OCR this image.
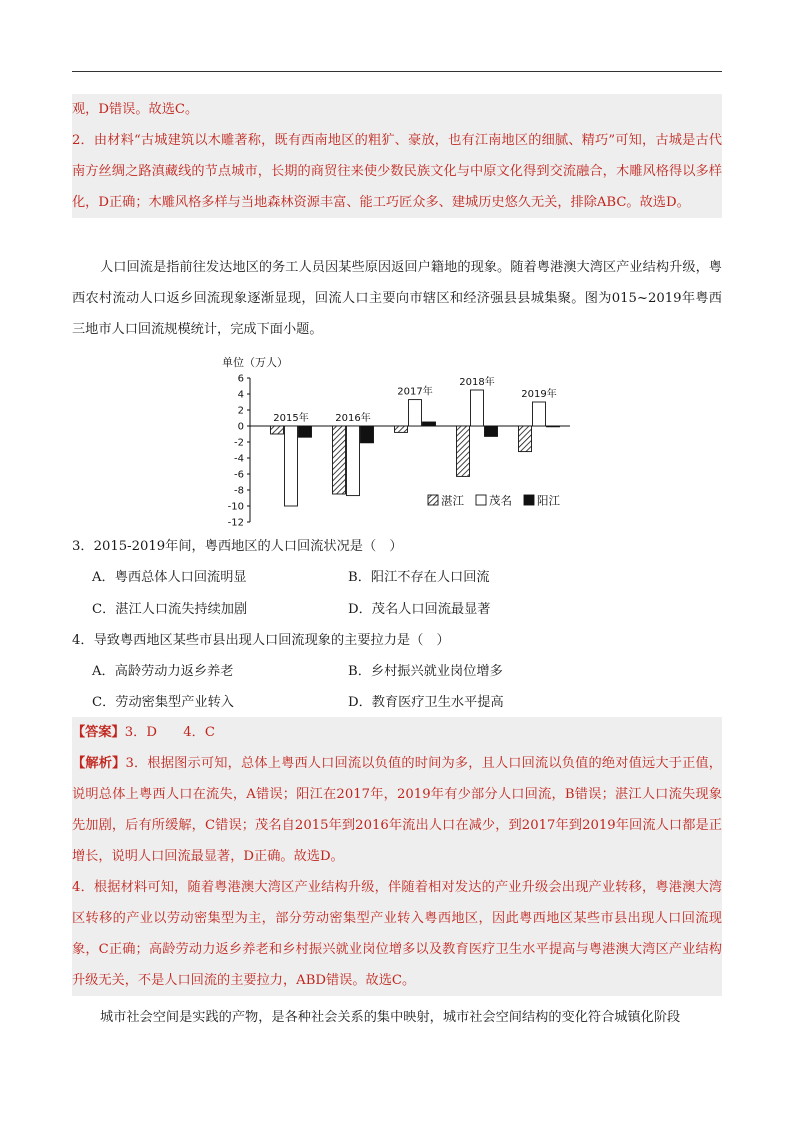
观，D错误。故选C。

2．由材料“古城建筑以木雕著称，既有西南地区的粗犷、豪放，也有江南地区的细腻、精巧”可知，古城是古代南方丝绸之路滇藏线的节点城市，长期的商贸往来使少数民族文化与中原文化得到交流融合，木雕风格得以多样化，D正确；木雕风格多样与当地森林资源丰富、能工巧匠众多、建城历史悠久无关，排除ABC。故选D。

人口回流是指前往发达地区的务工人员因某些原因返回户籍地的现象。随着粤港澳大湾区产业结构升级，粤西农村流动人口返乡回流现象逐渐显现，回流人口主要向市辖区和经济强县县城集聚。图为015~2019年粤西三地市人口回流规模统计，完成下面小题。

单位（万人）
6
4
2
0
-2
-4
-6
-8
-10
-12
2015年	2016年
2017年
2018年
2019年
湛江 茂名 阳江
3．2015-2019年间，粤西地区的人口回流状况是（　）
A．粤西总体人口回流明显	B．阳江不存在人口回流
C．湛江人口流失持续加剧	D．茂名人口回流最显著
4．导致粤西地区某些市县出现人口回流现象的主要拉力是（　）
A．高龄劳动力返乡养老	B．乡村振兴就业岗位增多
C．劳动密集型产业转入	D．教育医疗卫生水平提高

【答案】3．D　　4．C

【解析】3．根据图示可知，总体上粤西人口回流以负值的时间为多，且人口回流以负值的绝对值远大于正值，说明总体上粤西人口在流失，A错误；阳江在2017年，2019年有少部分人口回流，B错误；湛江人口流失现象先加剧，后有所缓解，C错误；茂名自2015年到2016年流出人口在减少，到2017年到2019年回流人口都是正增长，说明人口回流最显著，D正确。故选D。

4．根据材料可知，随着粤港澳大湾区产业结构升级，伴随着相对发达的产业升级会出现产业转移，粤港澳大湾区转移的产业以劳动密集型为主，部分劳动密集型产业转入粤西地区，因此粤西地区某些市县出现人口回流现象，C正确；高龄劳动力返乡养老和乡村振兴就业岗位增多以及教育医疗卫生水平提高与粤港澳大湾区产业结构升级无关，不是人口回流的主要拉力，ABD错误。故选C。

城市社会空间是实践的产物，是各种社会关系的集中映射，城市社会空间结构的变化符合城镇化阶段
